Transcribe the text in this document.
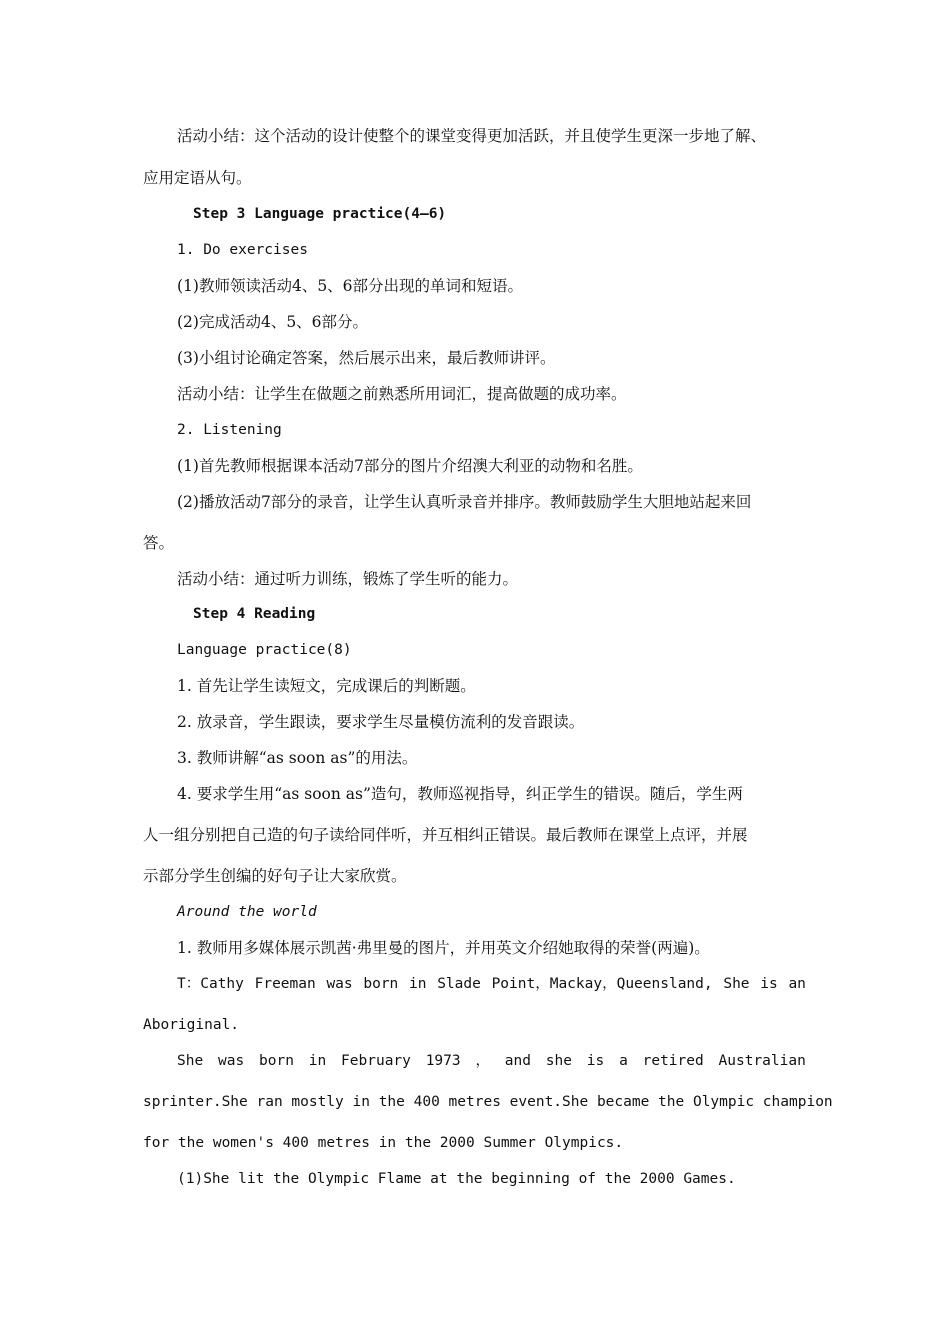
活动小结：这个活动的设计使整个的课堂变得更加活跃，并且使学生更深一步地了解、
应用定语从句。
Step 3 Language practice(4—6)
1. Do exercises
(1)教师领读活动4、5、6部分出现的单词和短语。
(2)完成活动4、5、6部分。
(3)小组讨论确定答案，然后展示出来，最后教师讲评。
活动小结：让学生在做题之前熟悉所用词汇，提高做题的成功率。
2. Listening
(1)首先教师根据课本活动7部分的图片介绍澳大利亚的动物和名胜。
(2)播放活动7部分的录音，让学生认真听录音并排序。教师鼓励学生大胆地站起来回
答。
活动小结：通过听力训练，锻炼了学生听的能力。
Step 4 Reading
Language practice(8)
1. 首先让学生读短文，完成课后的判断题。
2. 放录音，学生跟读，要求学生尽量模仿流利的发音跟读。
3. 教师讲解“as soon as”的用法。
4. 要求学生用“as soon as”造句，教师巡视指导，纠正学生的错误。随后，学生两
人一组分别把自己造的句子读给同伴听，并互相纠正错误。最后教师在课堂上点评，并展
示部分学生创编的好句子让大家欣赏。
Around the world
1. 教师用多媒体展示凯茜·弗里曼的图片，并用英文介绍她取得的荣誉(两遍)。
T：Cathy Freeman was born in Slade Point，Mackay，Queensland, She is an
Aboriginal.
She was born in February 1973 ， and she is a retired Australian
sprinter.She ran mostly in the 400 metres event.She became the Olympic champion
for the women's 400 metres in the 2000 Summer Olympics.
(1)She lit the Olympic Flame at the beginning of the 2000 Games.
